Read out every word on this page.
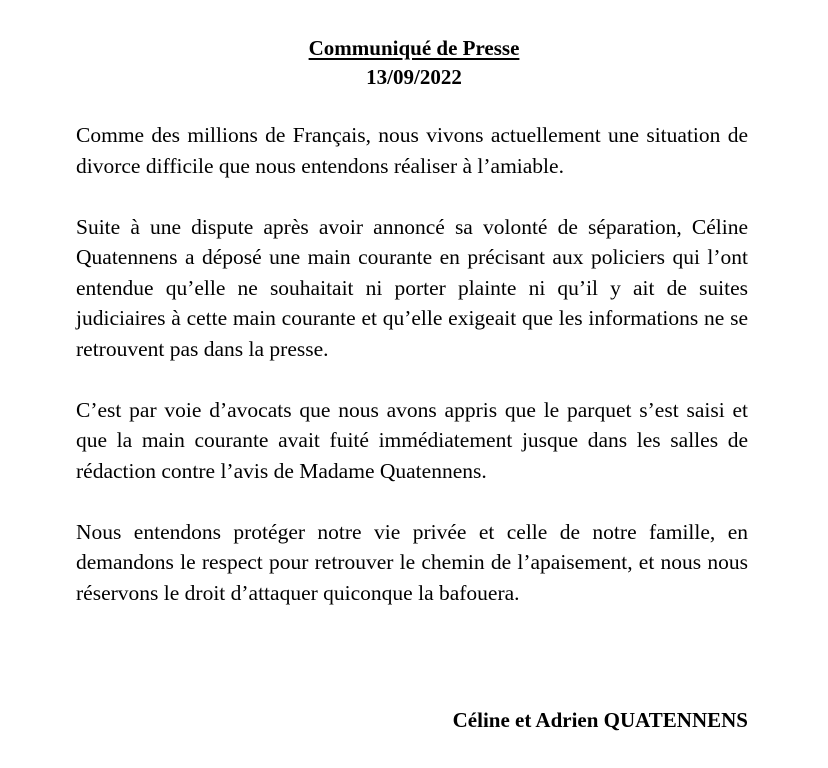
Communiqué de Presse
13/09/2022

Comme des millions de Français, nous vivons actuellement une situation de divorce difficile que nous entendons réaliser à l’amiable.

Suite à une dispute après avoir annoncé sa volonté de séparation, Céline Quatennens a déposé une main courante en précisant aux policiers qui l’ont entendue qu’elle ne souhaitait ni porter plainte ni qu’il y ait de suites judiciaires à cette main courante et qu’elle exigeait que les informations ne se retrouvent pas dans la presse.

C’est par voie d’avocats que nous avons appris que le parquet s’est saisi et que la main courante avait fuité immédiatement jusque dans les salles de rédaction contre l’avis de Madame Quatennens.

Nous entendons protéger notre vie privée et celle de notre famille, en demandons le respect pour retrouver le chemin de l’apaisement, et nous nous réservons le droit d’attaquer quiconque la bafouera.

Céline et Adrien QUATENNENS
